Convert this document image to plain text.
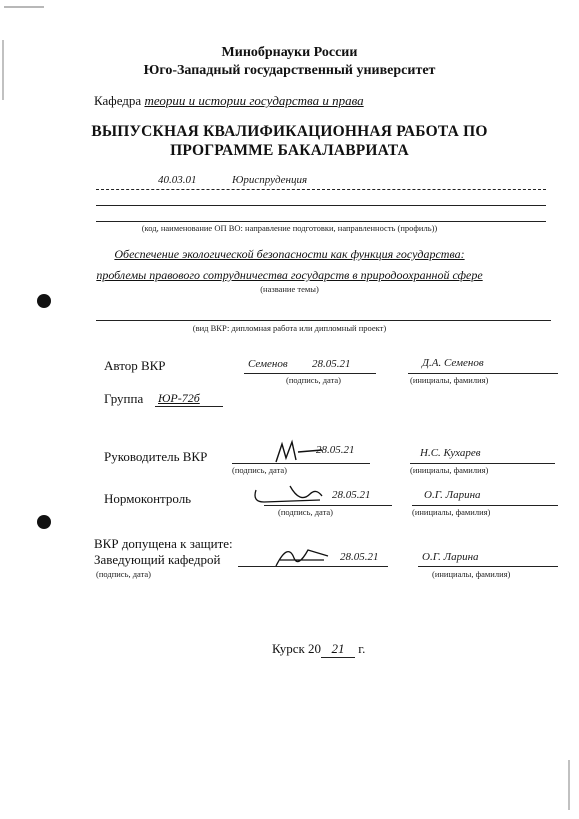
Минобрнауки России
Юго-Западный государственный университет
Кафедра теории и истории государства и права
ВЫПУСКНАЯ КВАЛИФИКАЦИОННАЯ РАБОТА ПО
ПРОГРАММЕ БАКАЛАВРИАТА
40.03.01	Юриспруденция
(код, наименование ОП ВО: направление подготовки, направленность (профиль))
Обеспечение экологической безопасности как функция государства:
проблемы правового сотрудничества государств в природоохранной сфере
(название темы)
(вид ВКР: дипломная работа или дипломный проект)
Автор ВКР	Семенов 28.05.21	Д.А. Семенов
(подпись, дата)	(инициалы, фамилия)
Группа ЮР-72б
Руководитель ВКР	28.05.21	Н.С. Кухарев
(подпись, дата)	(инициалы, фамилия)
Нормоконтроль	28.05.21	О.Г. Ларина
(подпись, дата)	(инициалы, фамилия)
ВКР допущена к защите:
Заведующий кафедрой	28.05.21	О.Г. Ларина
(подпись, дата)	(инициалы, фамилия)
Курск 20 21 г.
